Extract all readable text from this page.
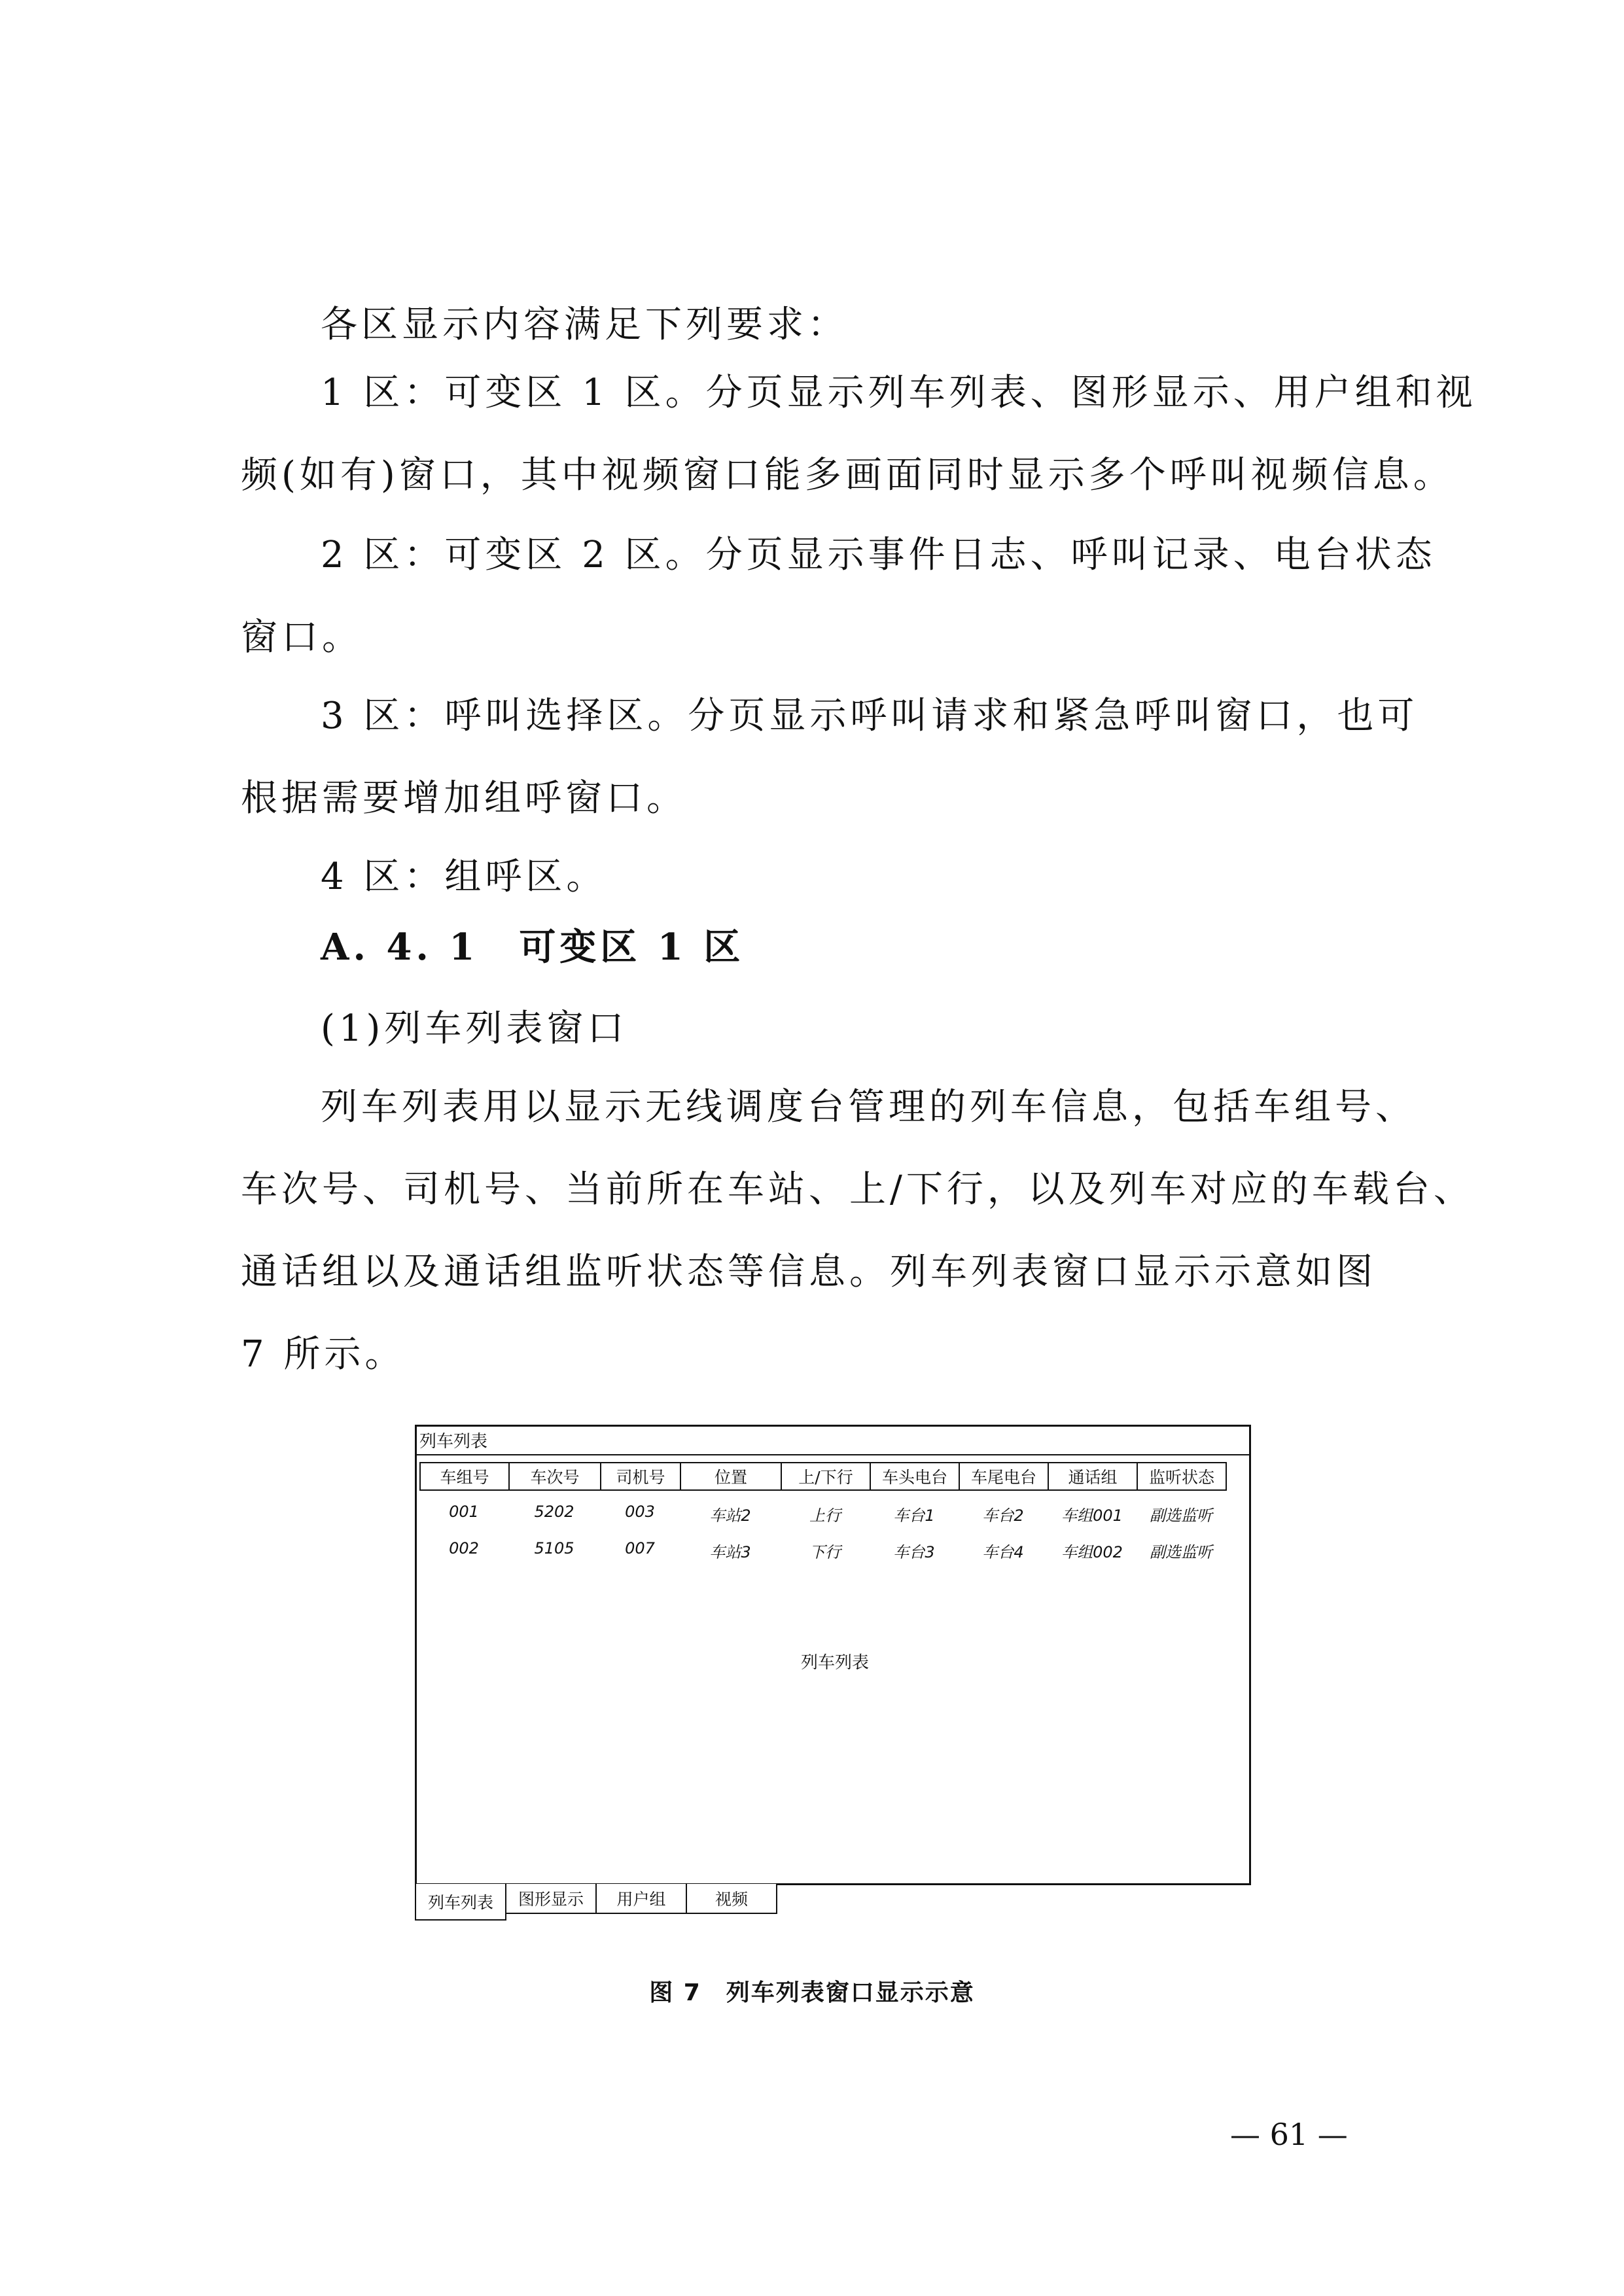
各区显示内容满足下列要求：
1 区：可变区 1 区。分页显示列车列表、图形显示、用户组和视
频(如有)窗口，其中视频窗口能多画面同时显示多个呼叫视频信息。
2 区：可变区 2 区。分页显示事件日志、呼叫记录、电台状态
窗口。
3 区：呼叫选择区。分页显示呼叫请求和紧急呼叫窗口，也可
根据需要增加组呼窗口。
4 区：组呼区。
A. 4. 1　可变区 1 区
(1)列车列表窗口
列车列表用以显示无线调度台管理的列车信息，包括车组号、
车次号、司机号、当前所在车站、上/下行，以及列车对应的车载台、
通话组以及通话组监听状态等信息。列车列表窗口显示示意如图
7 所示。
列车列表
车组号	车次号	司机号	位置	上/下行	车头电台	车尾电台	通话组	监听状态
001	5202	003	车站2	上行	车台1	车台2	车组001	副选监听
002	5105	007	车站3	下行	车台3	车台4	车组002	副选监听
列车列表
列车列表	图形显示	用户组	视频
图 7　列车列表窗口显示示意
— 61 —
